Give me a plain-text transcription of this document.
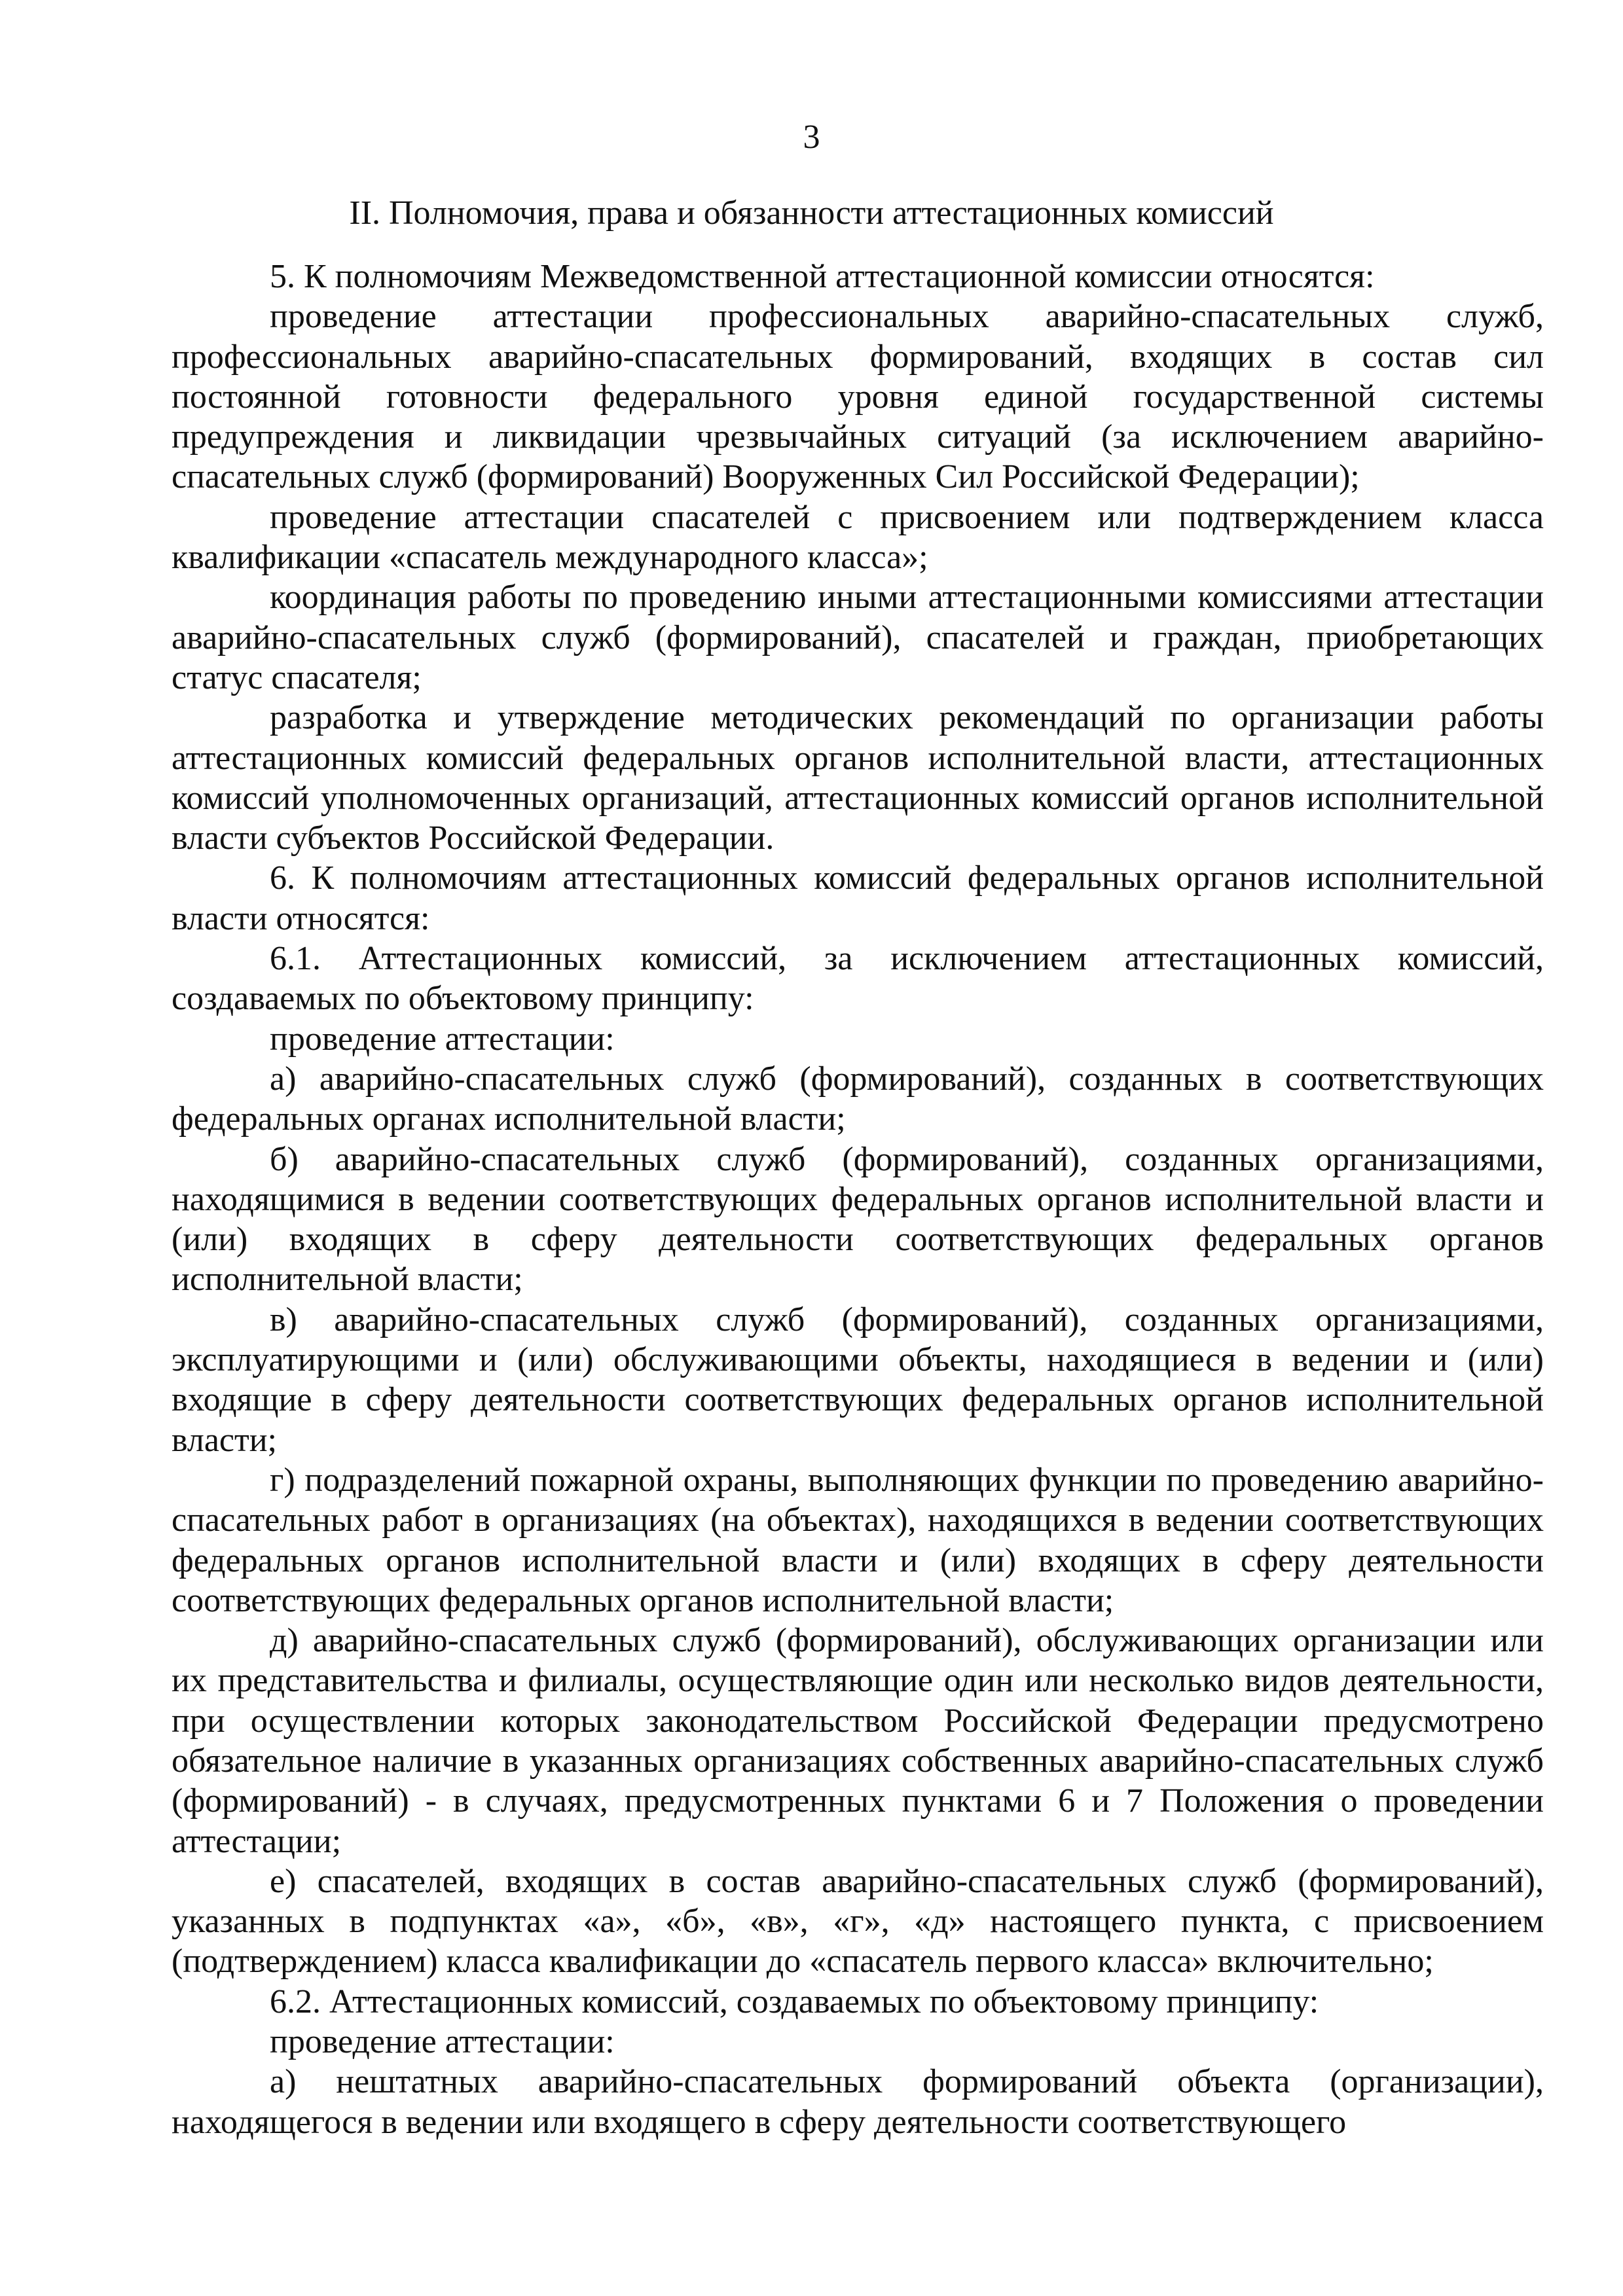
3
II. Полномочия, права и обязанности аттестационных комиссий

5. К полномочиям Межведомственной аттестационной комиссии относятся:

проведение аттестации профессиональных аварийно-спасательных служб, профессиональных аварийно-спасательных формирований, входящих в состав сил постоянной готовности федерального уровня единой государственной системы предупреждения и ликвидации чрезвычайных ситуаций (за исключением аварийно-спасательных служб (формирований) Вооруженных Сил Российской Федерации);

проведение аттестации спасателей с присвоением или подтверждением класса квалификации «спасатель международного класса»;

координация работы по проведению иными аттестационными комиссиями аттестации аварийно-спасательных служб (формирований), спасателей и граждан, приобретающих статус спасателя;

разработка и утверждение методических рекомендаций по организации работы аттестационных комиссий федеральных органов исполнительной власти, аттестационных комиссий уполномоченных организаций, аттестационных комиссий органов исполнительной власти субъектов Российской Федерации.

6. К полномочиям аттестационных комиссий федеральных органов исполнительной власти относятся:

6.1. Аттестационных комиссий, за исключением аттестационных комиссий, создаваемых по объектовому принципу:

проведение аттестации:

а) аварийно-спасательных служб (формирований), созданных в соответствующих федеральных органах исполнительной власти;

б) аварийно-спасательных служб (формирований), созданных организациями, находящимися в ведении соответствующих федеральных органов исполнительной власти и (или) входящих в сферу деятельности соответствующих федеральных органов исполнительной власти;

в) аварийно-спасательных служб (формирований), созданных организациями, эксплуатирующими и (или) обслуживающими объекты, находящиеся в ведении и (или) входящие в сферу деятельности соответствующих федеральных органов исполнительной власти;

г) подразделений пожарной охраны, выполняющих функции по проведению аварийно-спасательных работ в организациях (на объектах), находящихся в ведении соответствующих федеральных органов исполнительной власти и (или) входящих в сферу деятельности соответствующих федеральных органов исполнительной власти;

д) аварийно-спасательных служб (формирований), обслуживающих организации или их представительства и филиалы, осуществляющие один или несколько видов деятельности, при осуществлении которых законодательством Российской Федерации предусмотрено обязательное наличие в указанных организациях собственных аварийно-спасательных служб (формирований) - в случаях, предусмотренных пунктами 6 и 7 Положения о проведении аттестации;

е) спасателей, входящих в состав аварийно-спасательных служб (формирований), указанных в подпунктах «а», «б», «в», «г», «д» настоящего пункта, с присвоением (подтверждением) класса квалификации до «спасатель первого класса» включительно;

6.2. Аттестационных комиссий, создаваемых по объектовому принципу:

проведение аттестации:

а) нештатных аварийно-спасательных формирований объекта (организации), находящегося в ведении или входящего в сферу деятельности соответствующего
